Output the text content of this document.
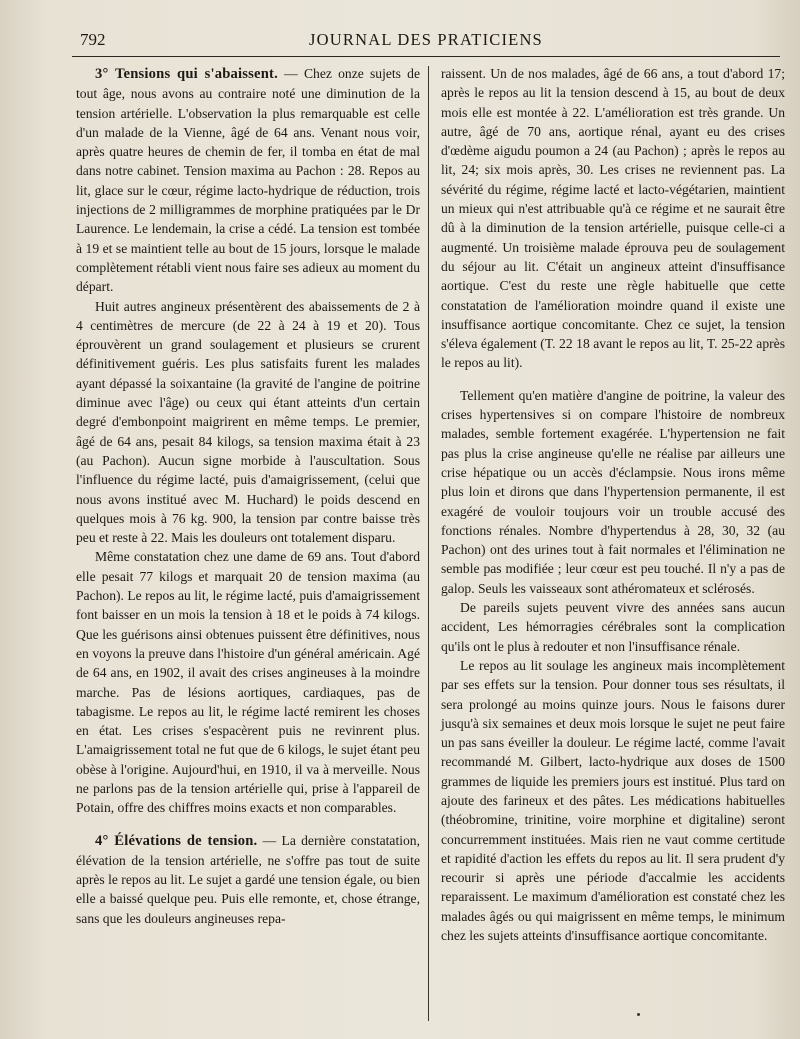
792	JOURNAL DES PRATICIENS

3° Tensions qui s'abaissent. — Chez onze sujets de tout âge, nous avons au contraire noté une diminution de la tension artérielle. L'observation la plus remarquable est celle d'un malade de la Vienne, âgé de 64 ans. Venant nous voir, après quatre heures de chemin de fer, il tomba en état de mal dans notre cabinet. Tension maxima au Pachon : 28. Repos au lit, glace sur le cœur, régime lacto-hydrique de réduction, trois injections de 2 milligrammes de morphine pratiquées par le Dr Laurence. Le lendemain, la crise a cédé. La tension est tombée à 19 et se maintient telle au bout de 15 jours, lorsque le malade complètement rétabli vient nous faire ses adieux au moment du départ.

Huit autres angineux présentèrent des abaissements de 2 à 4 centimètres de mercure (de 22 à 24 à 19 et 20). Tous éprouvèrent un grand soulagement et plusieurs se crurent définitivement guéris. Les plus satisfaits furent les malades ayant dépassé la soixantaine (la gravité de l'angine de poitrine diminue avec l'âge) ou ceux qui étant atteints d'un certain degré d'embonpoint maigrirent en même temps. Le premier, âgé de 64 ans, pesait 84 kilogs, sa tension maxima était à 23 (au Pachon). Aucun signe morbide à l'auscultation. Sous l'influence du régime lacté, puis d'amaigrissement, (celui que nous avons institué avec M. Huchard) le poids descend en quelques mois à 76 kg. 900, la tension par contre baisse très peu et reste à 22. Mais les douleurs ont totalement disparu.

Même constatation chez une dame de 69 ans. Tout d'abord elle pesait 77 kilogs et marquait 20 de tension maxima (au Pachon). Le repos au lit, le régime lacté, puis d'amaigrissement font baisser en un mois la tension à 18 et le poids à 74 kilogs. Que les guérisons ainsi obtenues puissent être définitives, nous en voyons la preuve dans l'histoire d'un général américain. Agé de 64 ans, en 1902, il avait des crises angineuses à la moindre marche. Pas de lésions aortiques, cardiaques, pas de tabagisme. Le repos au lit, le régime lacté remirent les choses en état. Les crises s'espacèrent puis ne revinrent plus. L'amaigrissement total ne fut que de 6 kilogs, le sujet étant peu obèse à l'origine. Aujourd'hui, en 1910, il va à merveille. Nous ne parlons pas de la tension artérielle qui, prise à l'appareil de Potain, offre des chiffres moins exacts et non comparables.

4° Élévations de tension. — La dernière constatation, élévation de la tension artérielle, ne s'offre pas tout de suite après le repos au lit. Le sujet a gardé une tension égale, ou bien elle a baissé quelque peu. Puis elle remonte, et, chose étrange, sans que les douleurs angineuses repa-

raissent. Un de nos malades, âgé de 66 ans, a tout d'abord 17; après le repos au lit la tension descend à 15, au bout de deux mois elle est montée à 22. L'amélioration est très grande. Un autre, âgé de 70 ans, aortique rénal, ayant eu des crises d'œdème aigudu poumon a 24 (au Pachon) ; après le repos au lit, 24; six mois après, 30. Les crises ne reviennent pas. La sévérité du régime, régime lacté et lacto-végétarien, maintient un mieux qui n'est attribuable qu'à ce régime et ne saurait être dû à la diminution de la tension artérielle, puisque celle-ci a augmenté. Un troisième malade éprouva peu de soulagement du séjour au lit. C'était un angineux atteint d'insuffisance aortique. C'est du reste une règle habituelle que cette constatation de l'amélioration moindre quand il existe une insuffisance aortique concomitante. Chez ce sujet, la tension s'éleva également (T. 22 18 avant le repos au lit, T. 25-22 après le repos au lit).

Tellement qu'en matière d'angine de poitrine, la valeur des crises hypertensives si on compare l'histoire de nombreux malades, semble fortement exagérée. L'hypertension ne fait pas plus la crise angineuse qu'elle ne réalise par ailleurs une crise hépatique ou un accès d'éclampsie. Nous irons même plus loin et dirons que dans l'hypertension permanente, il est exagéré de vouloir toujours voir un trouble accusé des fonctions rénales. Nombre d'hypertendus à 28, 30, 32 (au Pachon) ont des urines tout à fait normales et l'élimination ne semble pas modifiée ; leur cœur est peu touché. Il n'y a pas de galop. Seuls les vaisseaux sont athéromateux et sclérosés.

De pareils sujets peuvent vivre des années sans aucun accident, Les hémorragies cérébrales sont la complication qu'ils ont le plus à redouter et non l'insuffisance rénale.

Le repos au lit soulage les angineux mais incomplètement par ses effets sur la tension. Pour donner tous ses résultats, il sera prolongé au moins quinze jours. Nous le faisons durer jusqu'à six semaines et deux mois lorsque le sujet ne peut faire un pas sans éveiller la douleur. Le régime lacté, comme l'avait recommandé M. Gilbert, lacto-hydrique aux doses de 1500 grammes de liquide les premiers jours est institué. Plus tard on ajoute des farineux et des pâtes. Les médications habituelles (théobromine, trinitine, voire morphine et digitaline) seront concurremment instituées. Mais rien ne vaut comme certitude et rapidité d'action les effets du repos au lit. Il sera prudent d'y recourir si après une période d'accalmie les accidents reparaissent. Le maximum d'amélioration est constaté chez les malades âgés ou qui maigrissent en même temps, le minimum chez les sujets atteints d'insuffisance aortique concomitante.
